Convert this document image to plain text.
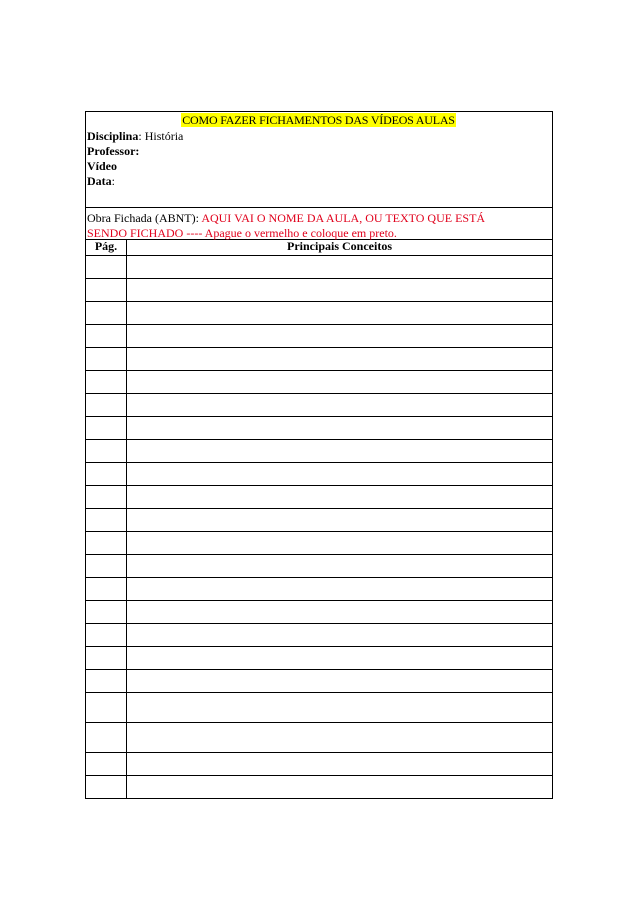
COMO FAZER FICHAMENTOS DAS VÍDEOS AULAS
Disciplina: História
Professor:
Vídeo
Data:
Obra Fichada (ABNT): AQUI VAI O NOME DA AULA, OU TEXTO QUE ESTÁ
SENDO FICHADO ---- Apague o vermelho e coloque em preto.
Pág.	Principais Conceitos
